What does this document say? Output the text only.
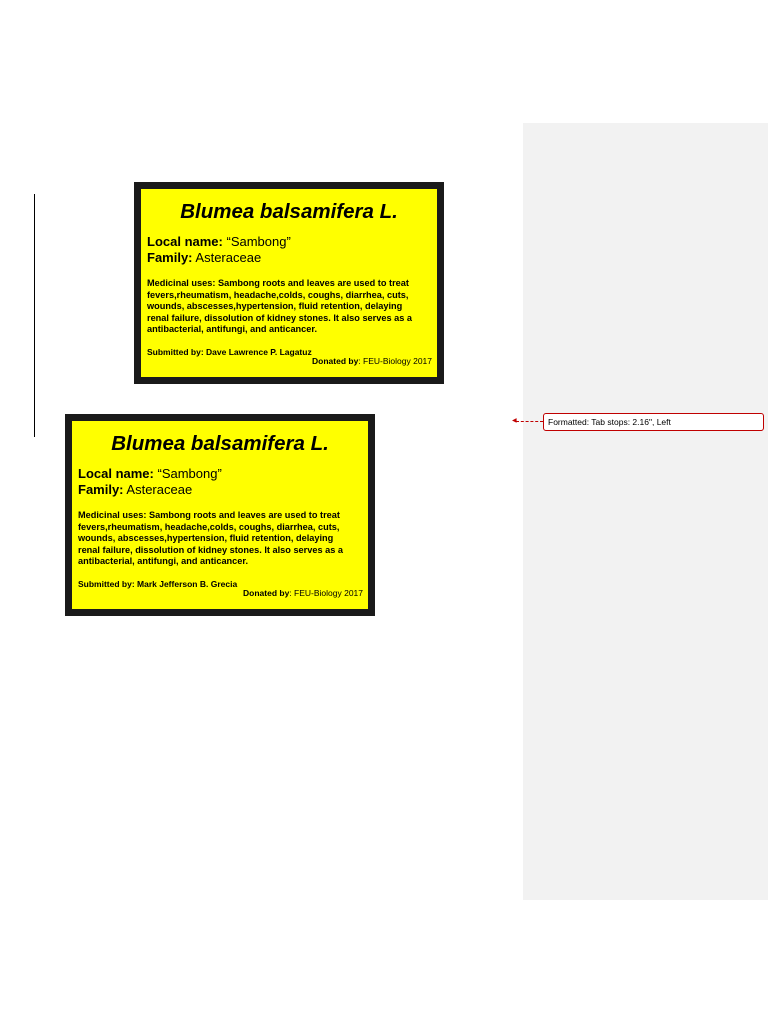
Blumea balsamifera L.
Local name: “Sambong”
Family: Asteraceae
Medicinal uses: Sambong roots and leaves are used to treat
fevers,rheumatism, headache,colds, coughs, diarrhea, cuts,
wounds, abscesses,hypertension, fluid retention, delaying
renal failure, dissolution of kidney stones. It also serves as a
antibacterial, antifungi, and anticancer.
Submitted by: Dave Lawrence P. Lagatuz
Donated by: FEU-Biology 2017
Blumea balsamifera L.
Local name: “Sambong”
Family: Asteraceae
Medicinal uses: Sambong roots and leaves are used to treat
fevers,rheumatism, headache,colds, coughs, diarrhea, cuts,
wounds, abscesses,hypertension, fluid retention, delaying
renal failure, dissolution of kidney stones. It also serves as a
antibacterial, antifungi, and anticancer.
Submitted by: Mark Jefferson B. Grecia
Donated by: FEU-Biology 2017
◀	Formatted: Tab stops: 2.16", Left
